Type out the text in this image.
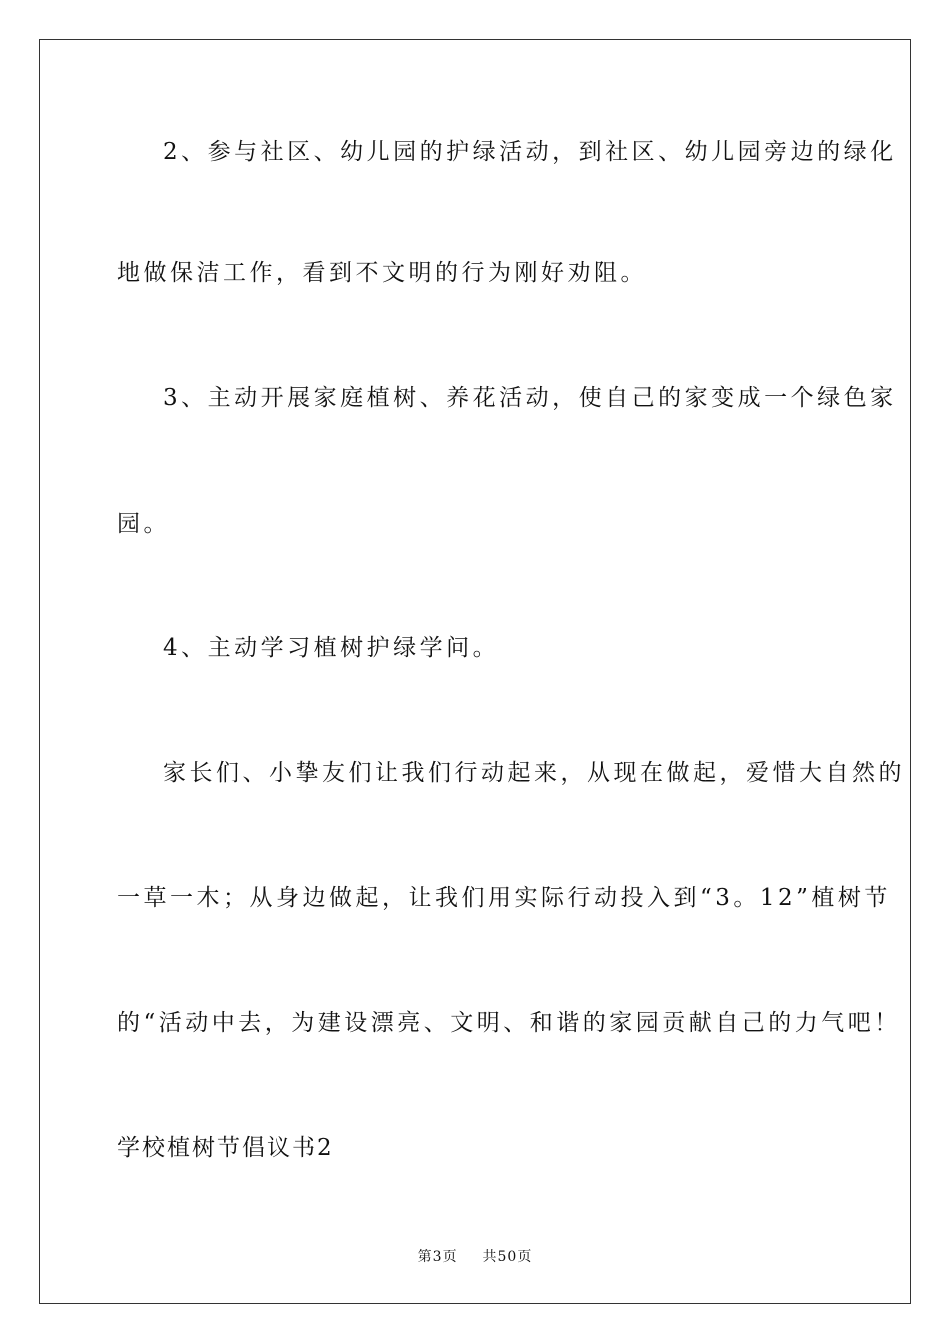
2、参与社区、幼儿园的护绿活动，到社区、幼儿园旁边的绿化
地做保洁工作，看到不文明的行为刚好劝阻。
3、主动开展家庭植树、养花活动，使自己的家变成一个绿色家
园。
4、主动学习植树护绿学问。
家长们、小挚友们让我们行动起来，从现在做起，爱惜大自然的
一草一木；从身边做起，让我们用实际行动投入到“3。12”植树节
的“活动中去，为建设漂亮、文明、和谐的家园贡献自己的力气吧！
学校植树节倡议书2
第3页 共50页
